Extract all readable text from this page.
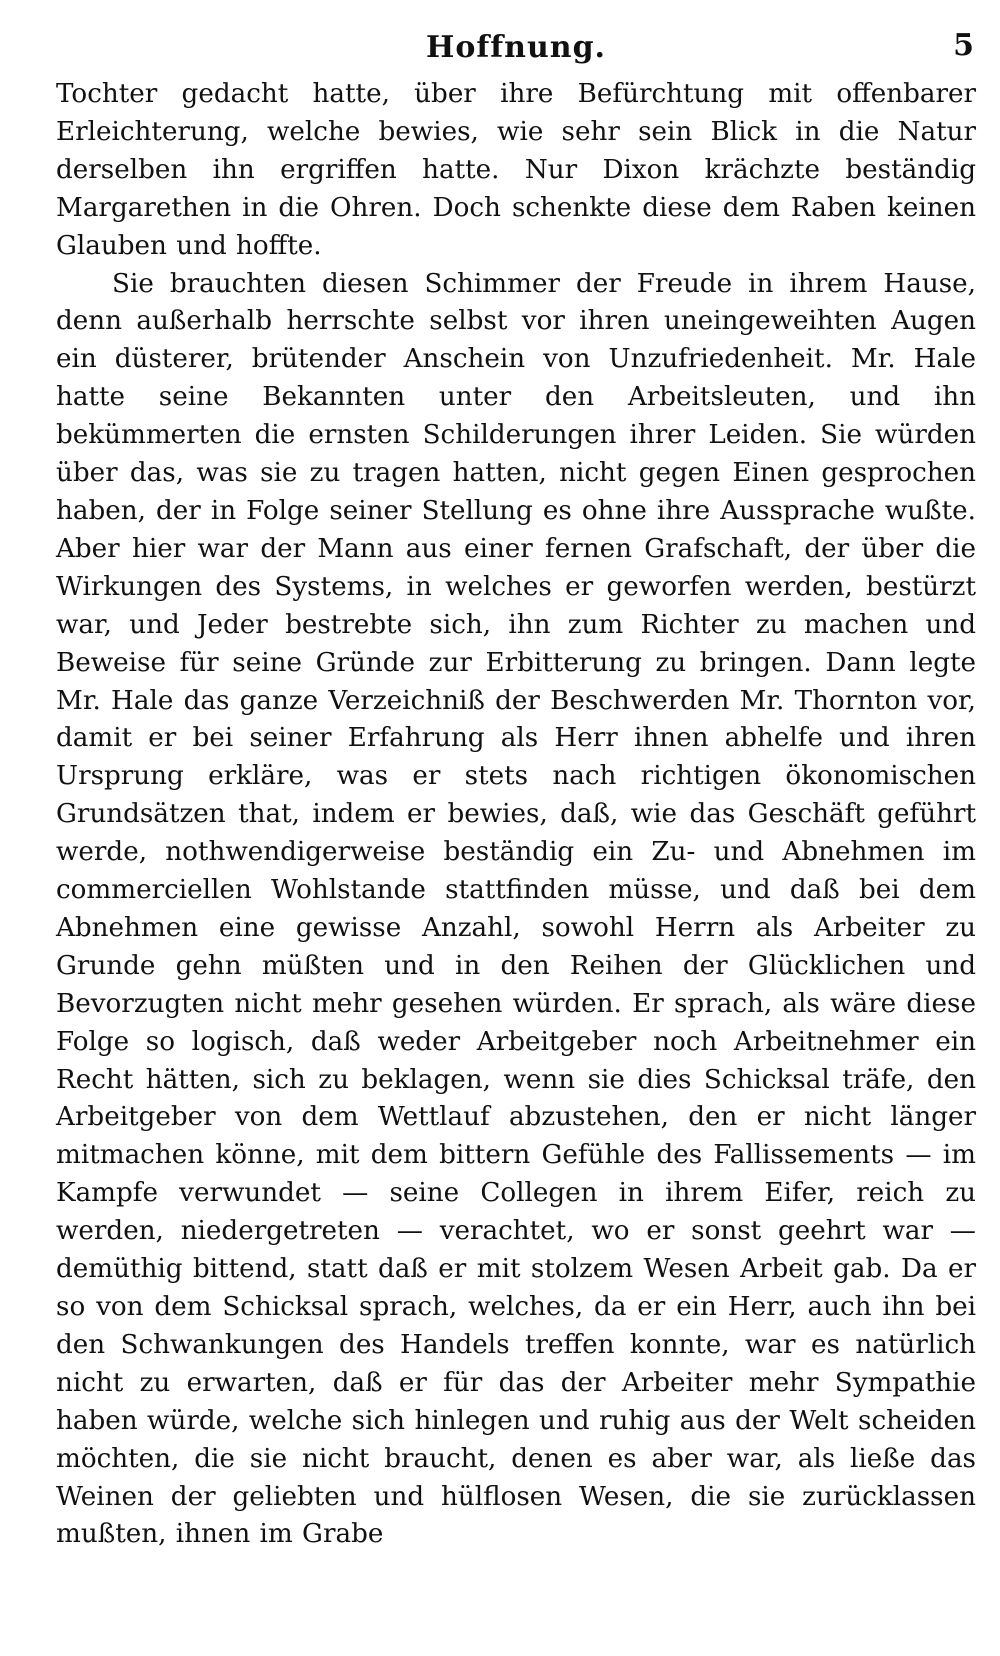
Hoffnung.	5

Tochter gedacht hatte, über ihre Befürchtung mit offenbarer Erleichterung, welche bewies, wie sehr sein Blick in die Natur derselben ihn ergriffen hatte. Nur Dixon krächzte beständig Margarethen in die Ohren. Doch schenkte diese dem Raben keinen Glauben und hoffte.

Sie brauchten diesen Schimmer der Freude in ihrem Hause, denn außerhalb herrschte selbst vor ihren uneingeweihten Augen ein düsterer, brütender Anschein von Unzufriedenheit. Mr. Hale hatte seine Bekannten unter den Arbeitsleuten, und ihn bekümmerten die ernsten Schilderungen ihrer Leiden. Sie würden über das, was sie zu tragen hatten, nicht gegen Einen gesprochen haben, der in Folge seiner Stellung es ohne ihre Aussprache wußte. Aber hier war der Mann aus einer fernen Grafschaft, der über die Wirkungen des Systems, in welches er geworfen werden, bestürzt war, und Jeder bestrebte sich, ihn zum Richter zu machen und Beweise für seine Gründe zur Erbitterung zu bringen. Dann legte Mr. Hale das ganze Verzeichniß der Beschwerden Mr. Thornton vor, damit er bei seiner Erfahrung als Herr ihnen abhelfe und ihren Ursprung erkläre, was er stets nach richtigen ökonomischen Grundsätzen that, indem er bewies, daß, wie das Geschäft geführt werde, nothwendigerweise beständig ein Zu- und Abnehmen im commerciellen Wohlstande stattfinden müsse, und daß bei dem Abnehmen eine gewisse Anzahl, sowohl Herrn als Arbeiter zu Grunde gehn müßten und in den Reihen der Glücklichen und Bevorzugten nicht mehr gesehen würden. Er sprach, als wäre diese Folge so logisch, daß weder Arbeitgeber noch Arbeitnehmer ein Recht hätten, sich zu beklagen, wenn sie dies Schicksal träfe, den Arbeitgeber von dem Wettlauf abzustehen, den er nicht länger mitmachen könne, mit dem bittern Gefühle des Fallissements — im Kampfe verwundet — seine Collegen in ihrem Eifer, reich zu werden, niedergetreten — verachtet, wo er sonst geehrt war — demüthig bittend, statt daß er mit stolzem Wesen Arbeit gab. Da er so von dem Schicksal sprach, welches, da er ein Herr, auch ihn bei den Schwankungen des Handels treffen konnte, war es natürlich nicht zu erwarten, daß er für das der Arbeiter mehr Sympathie haben würde, welche sich hinlegen und ruhig aus der Welt scheiden möchten, die sie nicht braucht, denen es aber war, als ließe das Weinen der geliebten und hülflosen Wesen, die sie zurücklassen mußten, ihnen im Grabe
